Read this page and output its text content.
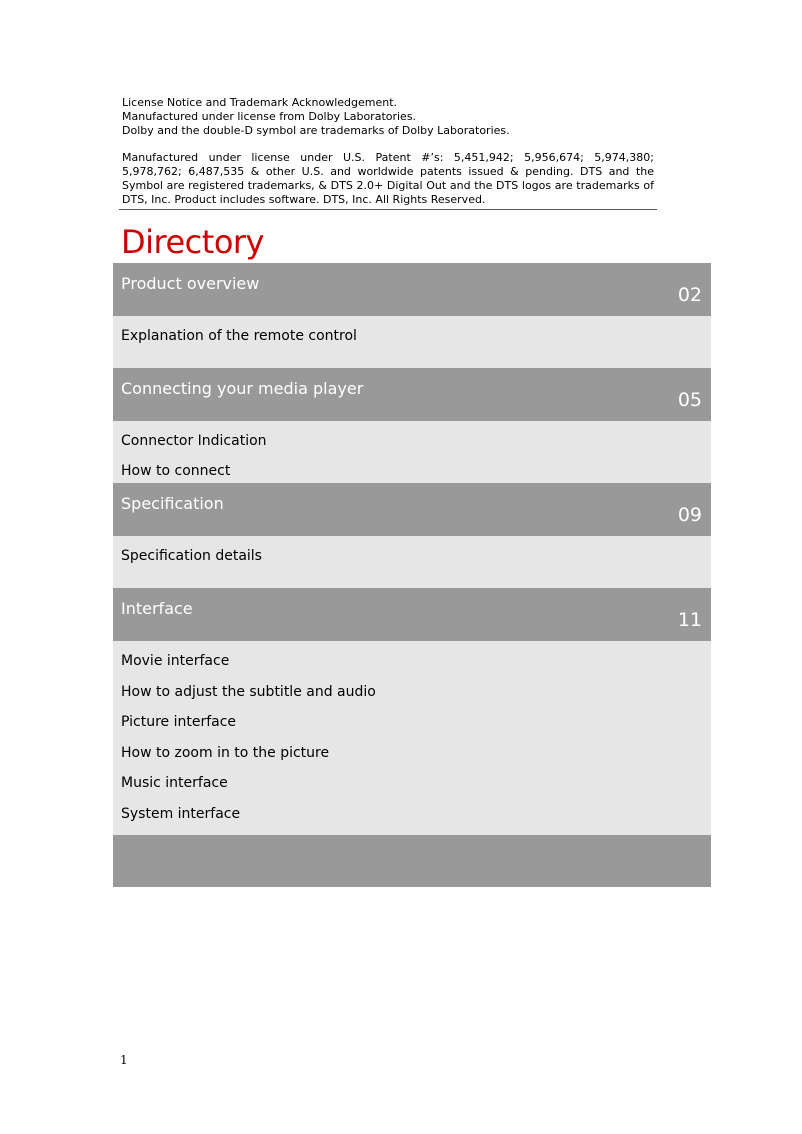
License Notice and Trademark Acknowledgement.

Manufactured under license from Dolby Laboratories.

Dolby and the double-D symbol are trademarks of Dolby Laboratories.

Manufactured under license under U.S. Patent #’s: 5,451,942; 5,956,674; 5,974,380; 5,978,762; 6,487,535 & other U.S. and worldwide patents issued & pending. DTS and the Symbol are registered trademarks, & DTS 2.0+ Digital Out and the DTS logos are trademarks of DTS, Inc. Product includes software. DTS, Inc. All Rights Reserved.

Directory
Product overview
02
Explanation of the remote control
Connecting your media player
05
Connector Indication
How to connect
Specification
09
Specification details
Interface
11
Movie interface
How to adjust the subtitle and audio
Picture interface
How to zoom in to the picture
Music interface
System interface
1
